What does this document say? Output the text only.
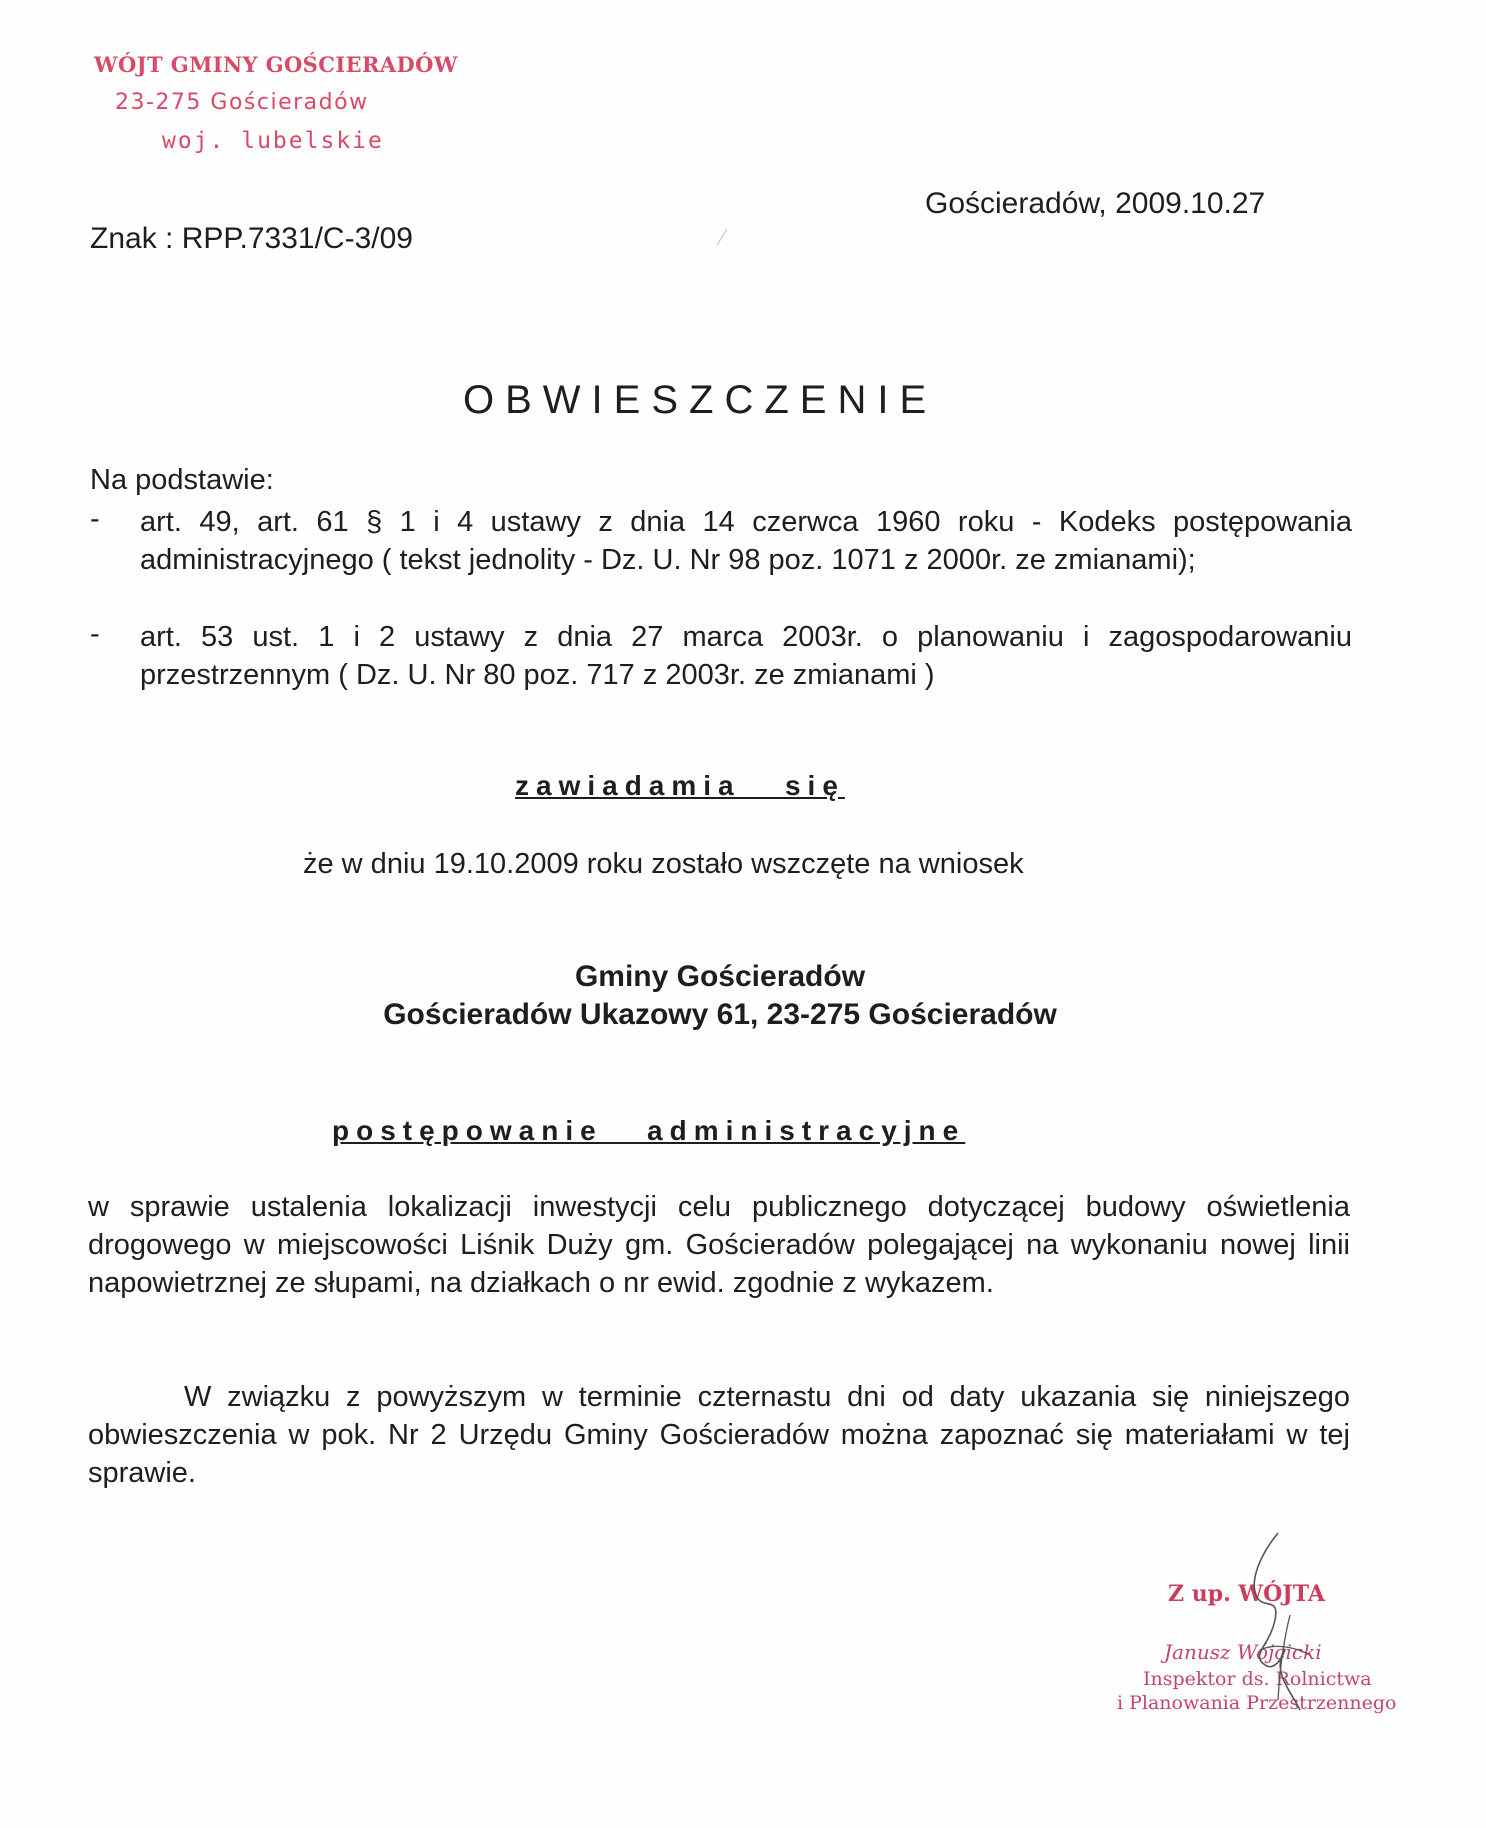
WÓJT GMINY GOŚCIERADÓW
23-275 Gościeradów
woj. lubelskie
Gościeradów, 2009.10.27
Znak : RPP.7331/C-3/09
OBWIESZCZENIE
Na podstawie:
- art. 49, art. 61 § 1 i 4 ustawy z dnia 14 czerwca 1960 roku - Kodeks postępowania administracyjnego ( tekst jednolity - Dz. U. Nr 98 poz. 1071 z 2000r. ze zmianami);
- art. 53 ust. 1 i 2 ustawy z dnia 27 marca 2003r. o planowaniu i zagospodarowaniu przestrzennym ( Dz. U. Nr 80 poz. 717 z 2003r. ze zmianami )
zawiadamia   się
że w dniu 19.10.2009 roku zostało wszczęte na wniosek
Gminy Gościeradów
Gościeradów Ukazowy 61, 23-275 Gościeradów
postępowanie   administracyjne
w sprawie ustalenia lokalizacji inwestycji celu publicznego dotyczącej budowy oświetlenia drogowego w miejscowości Liśnik Duży gm. Gościeradów polegającej na wykonaniu nowej linii napowietrznej ze słupami, na działkach o nr ewid. zgodnie z wykazem.
W związku z powyższym w terminie czternastu dni od daty ukazania się niniejszego obwieszczenia w pok. Nr 2 Urzędu Gminy Gościeradów można zapoznać się materiałami w tej sprawie.
Z up. WÓJTA
Janusz Wójcicki
Inspektor ds. Rolnictwa
i Planowania Przestrzennego
